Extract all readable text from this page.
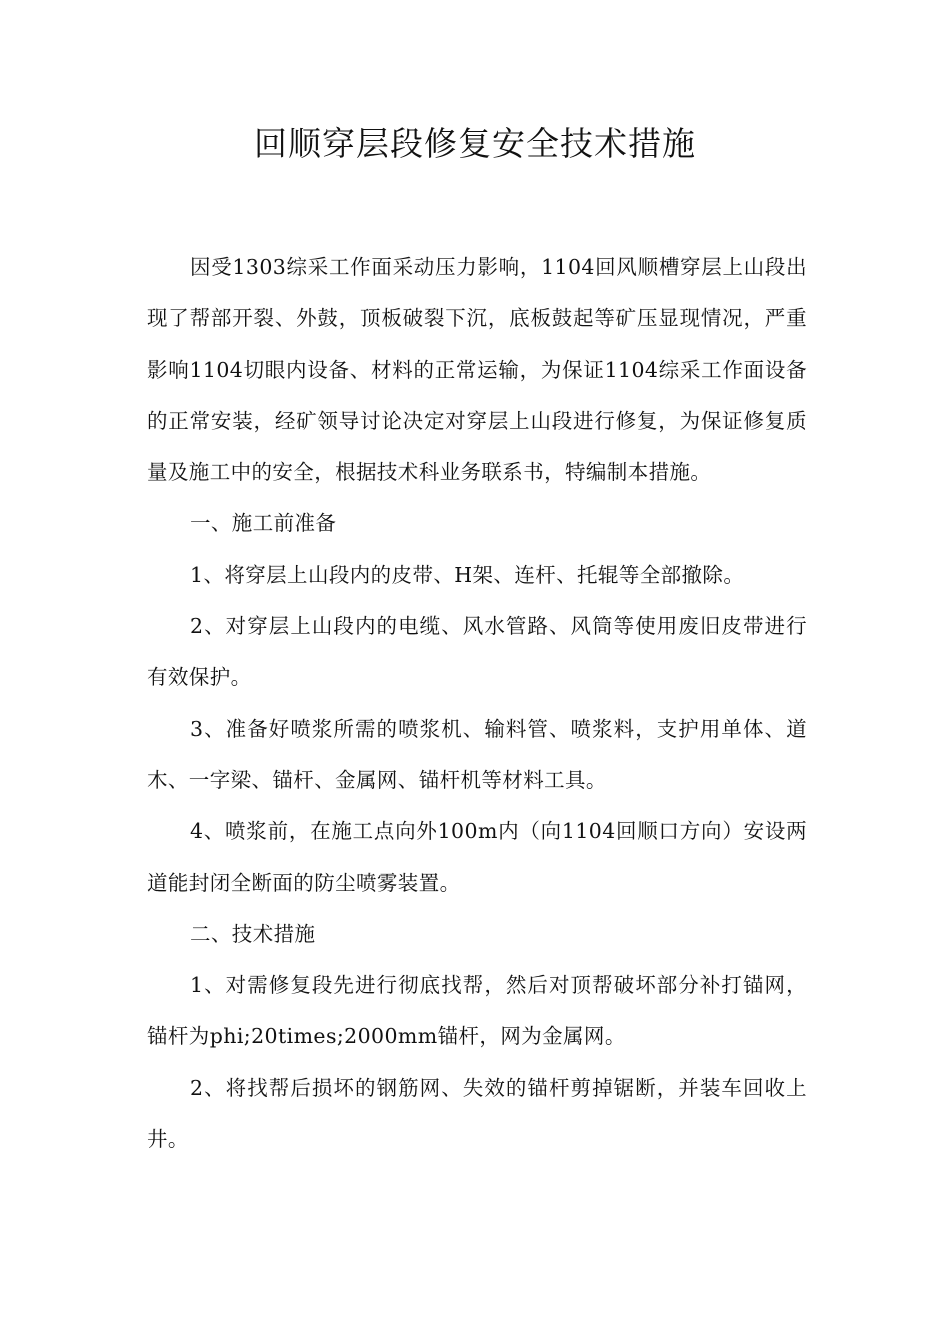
回顺穿层段修复安全技术措施

因受1303综采工作面采动压力影响，1104回风顺槽穿层上山段出现了帮部开裂、外鼓，顶板破裂下沉，底板鼓起等矿压显现情况，严重影响1104切眼内设备、材料的正常运输，为保证1104综采工作面设备的正常安装，经矿领导讨论决定对穿层上山段进行修复，为保证修复质量及施工中的安全，根据技术科业务联系书，特编制本措施。

一、施工前准备

1、将穿层上山段内的皮带、H架、连杆、托辊等全部撤除。

2、对穿层上山段内的电缆、风水管路、风筒等使用废旧皮带进行有效保护。

3、准备好喷浆所需的喷浆机、输料管、喷浆料，支护用单体、道木、一字梁、锚杆、金属网、锚杆机等材料工具。

4、喷浆前，在施工点向外100m内（向1104回顺口方向）安设两道能封闭全断面的防尘喷雾装置。

二、技术措施

1、对需修复段先进行彻底找帮，然后对顶帮破坏部分补打锚网，锚杆为phi;20times;2000mm锚杆，网为金属网。

2、将找帮后损坏的钢筋网、失效的锚杆剪掉锯断，并装车回收上井。
